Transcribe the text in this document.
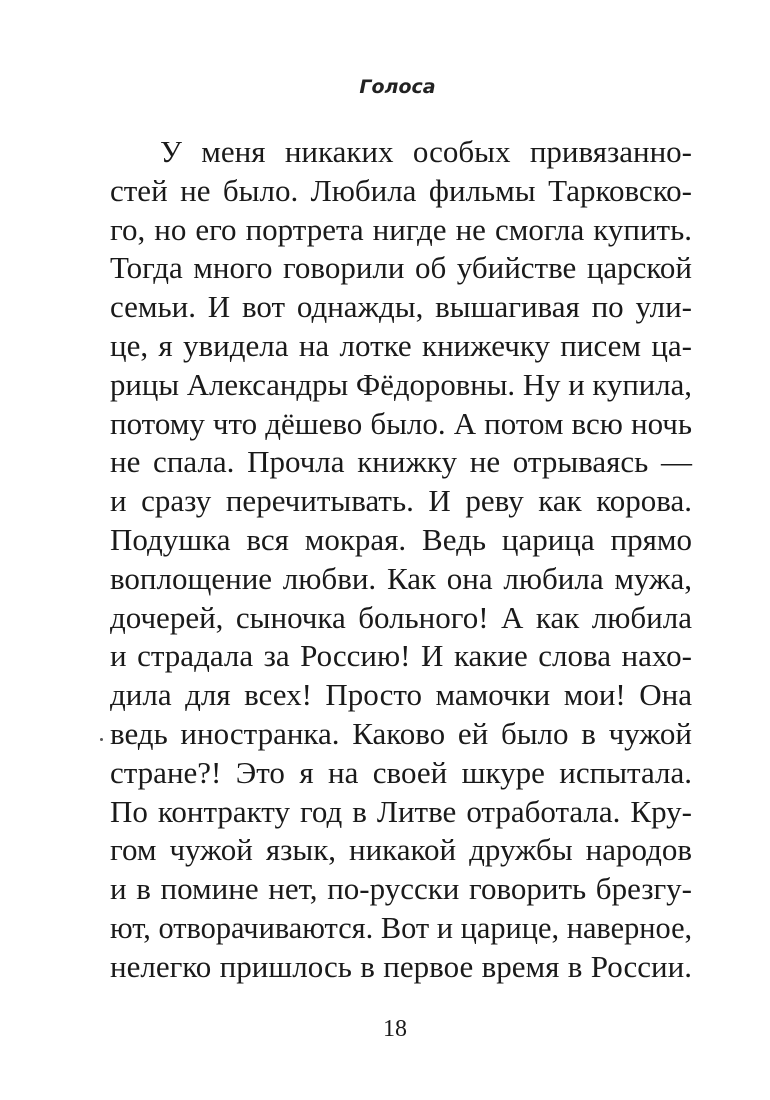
Голоса
У меня никаких особых привязанно-
стей не было. Любила фильмы Тарковско-
го, но его портрета нигде не смогла купить.
Тогда много говорили об убийстве царской
семьи. И вот однажды, вышагивая по ули-
це, я увидела на лотке книжечку писем ца-
рицы Александры Фёдоровны. Ну и купила,
потому что дёшево было. А потом всю ночь
не спала. Прочла книжку не отрываясь —
и сразу перечитывать. И реву как корова.
Подушка вся мокрая. Ведь царица прямо
воплощение любви. Как она любила мужа,
дочерей, сыночка больного! А как любила
и страдала за Россию! И какие слова нахо-
дила для всех! Просто мамочки мои! Она
ведь иностранка. Каково ей было в чужой
стране?! Это я на своей шкуре испытала.
По контракту год в Литве отработала. Кру-
гом чужой язык, никакой дружбы народов
и в помине нет, по-русски говорить брезгу-
ют, отворачиваются. Вот и царице, наверное,
нелегко пришлось в первое время в России.
18
